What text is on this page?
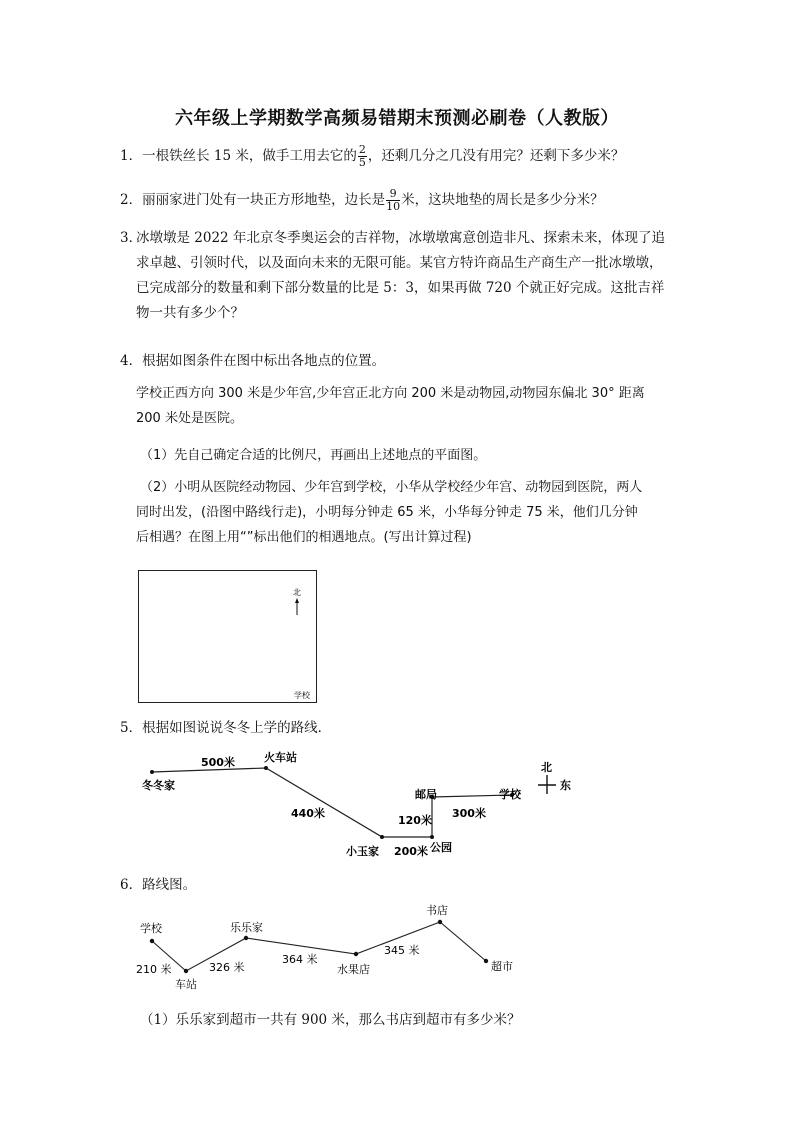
六年级上学期数学高频易错期末预测必刷卷（人教版）
1．一根铁丝长 15 米，做手工用去它的 $\frac{2}{5}$ ，还剩几分之几没有用完？还剩下多少米？
2．丽丽家进门处有一块正方形地垫，边长是 $\frac{9}{10}$ 米，这块地垫的周长是多少分米？
3．
冰墩墩是 2022 年北京冬季奥运会的吉祥物，冰墩墩寓意创造非凡、探索未来，体现了追
求卓越、引领时代，以及面向未来的无限可能。某官方特许商品生产商生产一批冰墩墩，
已完成部分的数量和剩下部分数量的比是 5：3，如果再做 720 个就正好完成。这批吉祥
物一共有多少个？
4．根据如图条件在图中标出各地点的位置。
学校正西方向 300 米是少年宫,少年宫正北方向 200 米是动物园,动物园东偏北 30° 距离
200 米处是医院。
（1）先自己确定合适的比例尺，再画出上述地点的平面图。
（2）小明从医院经动物园、少年宫到学校，小华从学校经少年宫、动物园到医院，两人
同时出发，(沿图中路线行走)，小明每分钟走 65 米，小华每分钟走 75 米，他们几分钟
后相遇？在图上用“”标出他们的相遇地点。(写出计算过程)
北
学校
5．根据如图说说冬冬上学的路线．
冬冬家
500米	火车站
440米
小玉家 200米 公园
120米
邮局
300米
学校
北
东
6．路线图。
学校
210 米
车站
326 米
乐乐家
364 米
水果店
345 米
书店
超市
（1）乐乐家到超市一共有 900 米，那么书店到超市有多少米？
